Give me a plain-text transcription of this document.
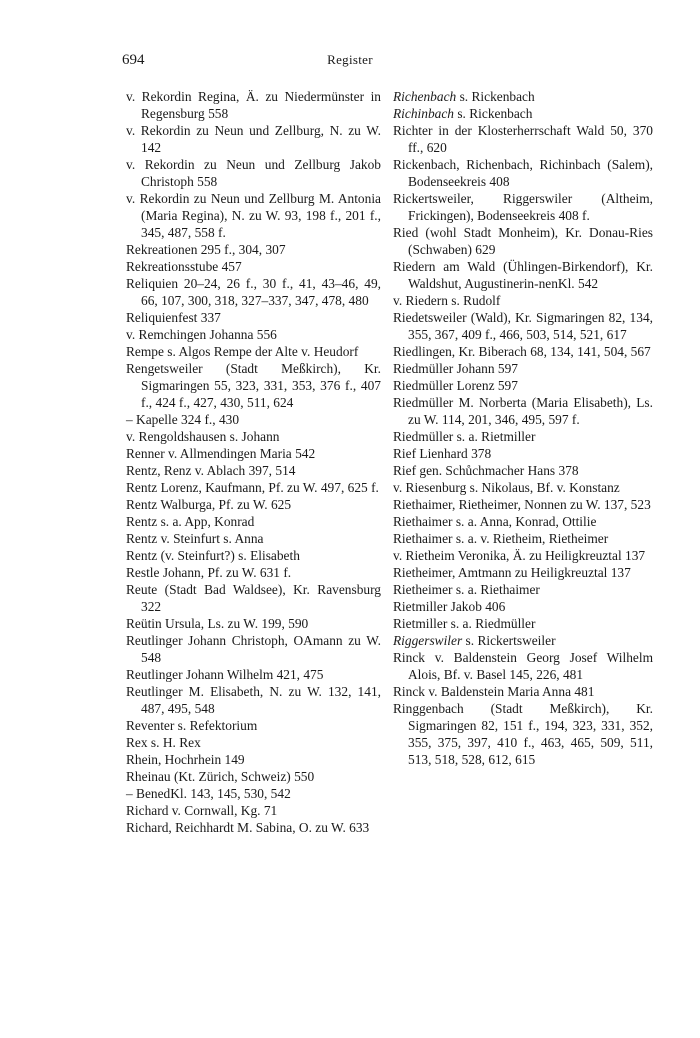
694	Register

v. Rekordin Regina, Ä. zu Niedermünster in Regensburg 558

v. Rekordin zu Neun und Zellburg, N. zu W. 142

v. Rekordin zu Neun und Zellburg Jakob Christoph 558

v. Rekordin zu Neun und Zellburg M. Antonia (Maria Regina), N. zu W. 93, 198 f., 201 f., 345, 487, 558 f.

Rekreationen 295 f., 304, 307

Rekreationsstube 457

Reliquien 20–24, 26 f., 30 f., 41, 43–46, 49, 66, 107, 300, 318, 327–337, 347, 478, 480

Reliquienfest 337

v. Remchingen Johanna 556

Rempe s. Algos Rempe der Alte v. Heudorf

Rengetsweiler (Stadt Meßkirch), Kr. Sigmaringen 55, 323, 331, 353, 376 f., 407 f., 424 f., 427, 430, 511, 624

– Kapelle 324 f., 430

v. Rengoldshausen s. Johann

Renner v. Allmendingen Maria 542

Rentz, Renz v. Ablach 397, 514

Rentz Lorenz, Kaufmann, Pf. zu W. 497, 625 f.

Rentz Walburga, Pf. zu W. 625

Rentz s. a. App, Konrad

Rentz v. Steinfurt s. Anna

Rentz (v. Steinfurt?) s. Elisabeth

Restle Johann, Pf. zu W. 631 f.

Reute (Stadt Bad Waldsee), Kr. Ravensburg 322

Reütin Ursula, Ls. zu W. 199, 590

Reutlinger Johann Christoph, OAmann zu W. 548

Reutlinger Johann Wilhelm 421, 475

Reutlinger M. Elisabeth, N. zu W. 132, 141, 487, 495, 548

Reventer s. Refektorium

Rex s. H. Rex

Rhein, Hochrhein 149

Rheinau (Kt. Zürich, Schweiz) 550

– BenedKl. 143, 145, 530, 542

Richard v. Cornwall, Kg. 71

Richard, Reichhardt M. Sabina, O. zu W. 633

Richenbach s. Rickenbach

Richinbach s. Rickenbach

Richter in der Klosterherrschaft Wald 50, 370 ff., 620

Rickenbach, Richenbach, Richinbach (Salem), Bodenseekreis 408

Rickertsweiler, Riggerswiler (Altheim, Frickingen), Bodenseekreis 408 f.

Ried (wohl Stadt Monheim), Kr. Donau-Ries (Schwaben) 629

Riedern am Wald (Ühlingen-Birkendorf), Kr. Waldshut, Augustinerin-nenKl. 542

v. Riedern s. Rudolf

Riedetsweiler (Wald), Kr. Sigmaringen 82, 134, 355, 367, 409 f., 466, 503, 514, 521, 617

Riedlingen, Kr. Biberach 68, 134, 141, 504, 567

Riedmüller Johann 597

Riedmüller Lorenz 597

Riedmüller M. Norberta (Maria Elisabeth), Ls. zu W. 114, 201, 346, 495, 597 f.

Riedmüller s. a. Rietmiller

Rief Lienhard 378

Rief gen. Schůchmacher Hans 378

v. Riesenburg s. Nikolaus, Bf. v. Konstanz

Riethaimer, Rietheimer, Nonnen zu W. 137, 523

Riethaimer s. a. Anna, Konrad, Ottilie

Riethaimer s. a. v. Rietheim, Rietheimer

v. Rietheim Veronika, Ä. zu Heiligkreuztal 137

Rietheimer, Amtmann zu Heiligkreuztal 137

Rietheimer s. a. Riethaimer

Rietmiller Jakob 406

Rietmiller s. a. Riedmüller

Riggerswiler s. Rickertsweiler

Rinck v. Baldenstein Georg Josef Wilhelm Alois, Bf. v. Basel 145, 226, 481

Rinck v. Baldenstein Maria Anna 481

Ringgenbach (Stadt Meßkirch), Kr. Sigmaringen 82, 151 f., 194, 323, 331, 352, 355, 375, 397, 410 f., 463, 465, 509, 511, 513, 518, 528, 612, 615
